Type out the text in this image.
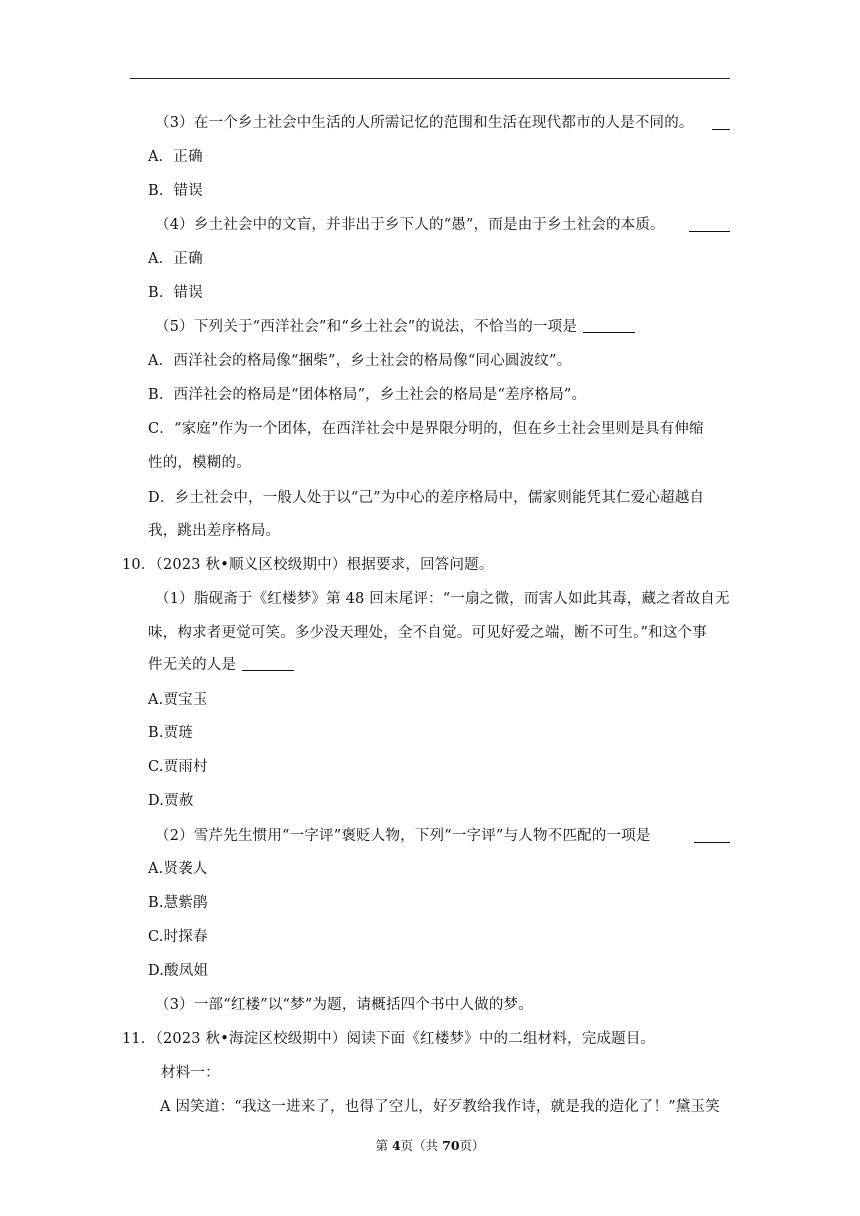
（3）在一个乡土社会中生活的人所需记忆的范围和生活在现代都市的人是不同的。
A．正确
B．错误
（4）乡土社会中的文盲，并非出于乡下人的“愚”，而是由于乡土社会的本质。
A．正确
B．错误
（5）下列关于“西洋社会”和“乡土社会”的说法，不恰当的一项是
A．西洋社会的格局像“捆柴”，乡土社会的格局像“同心圆波纹”。
B．西洋社会的格局是“团体格局”，乡土社会的格局是“差序格局”。
C．“家庭”作为一个团体，在西洋社会中是界限分明的，但在乡土社会里则是具有伸缩
性的，模糊的。
D．乡土社会中，一般人处于以“己”为中心的差序格局中，儒家则能凭其仁爱心超越自
我，跳出差序格局。
10．（2023 秋•顺义区校级期中）根据要求，回答问题。
（1）脂砚斋于《红楼梦》第 48 回末尾评：“一扇之微，而害人如此其毒，藏之者故自无
味，构求者更觉可笑。多少没天理处，全不自觉。可见好爱之端，断不可生。”和这个事
件无关的人是
A.贾宝玉
B.贾琏
C.贾雨村
D.贾赦
（2）雪芹先生惯用“一字评”褒贬人物，下列“一字评”与人物不匹配的一项是
A.贤袭人
B.慧紫鹃
C.时探春
D.酸凤姐
（3）一部“红楼”以“梦”为题，请概括四个书中人做的梦。
11．（2023 秋•海淀区校级期中）阅读下面《红楼梦》中的二组材料，完成题目。
材料一：
A 因笑道：“我这一进来了，也得了空儿，好歹教给我作诗，就是我的造化了！”黛玉笑
第 4页（共 70页）
